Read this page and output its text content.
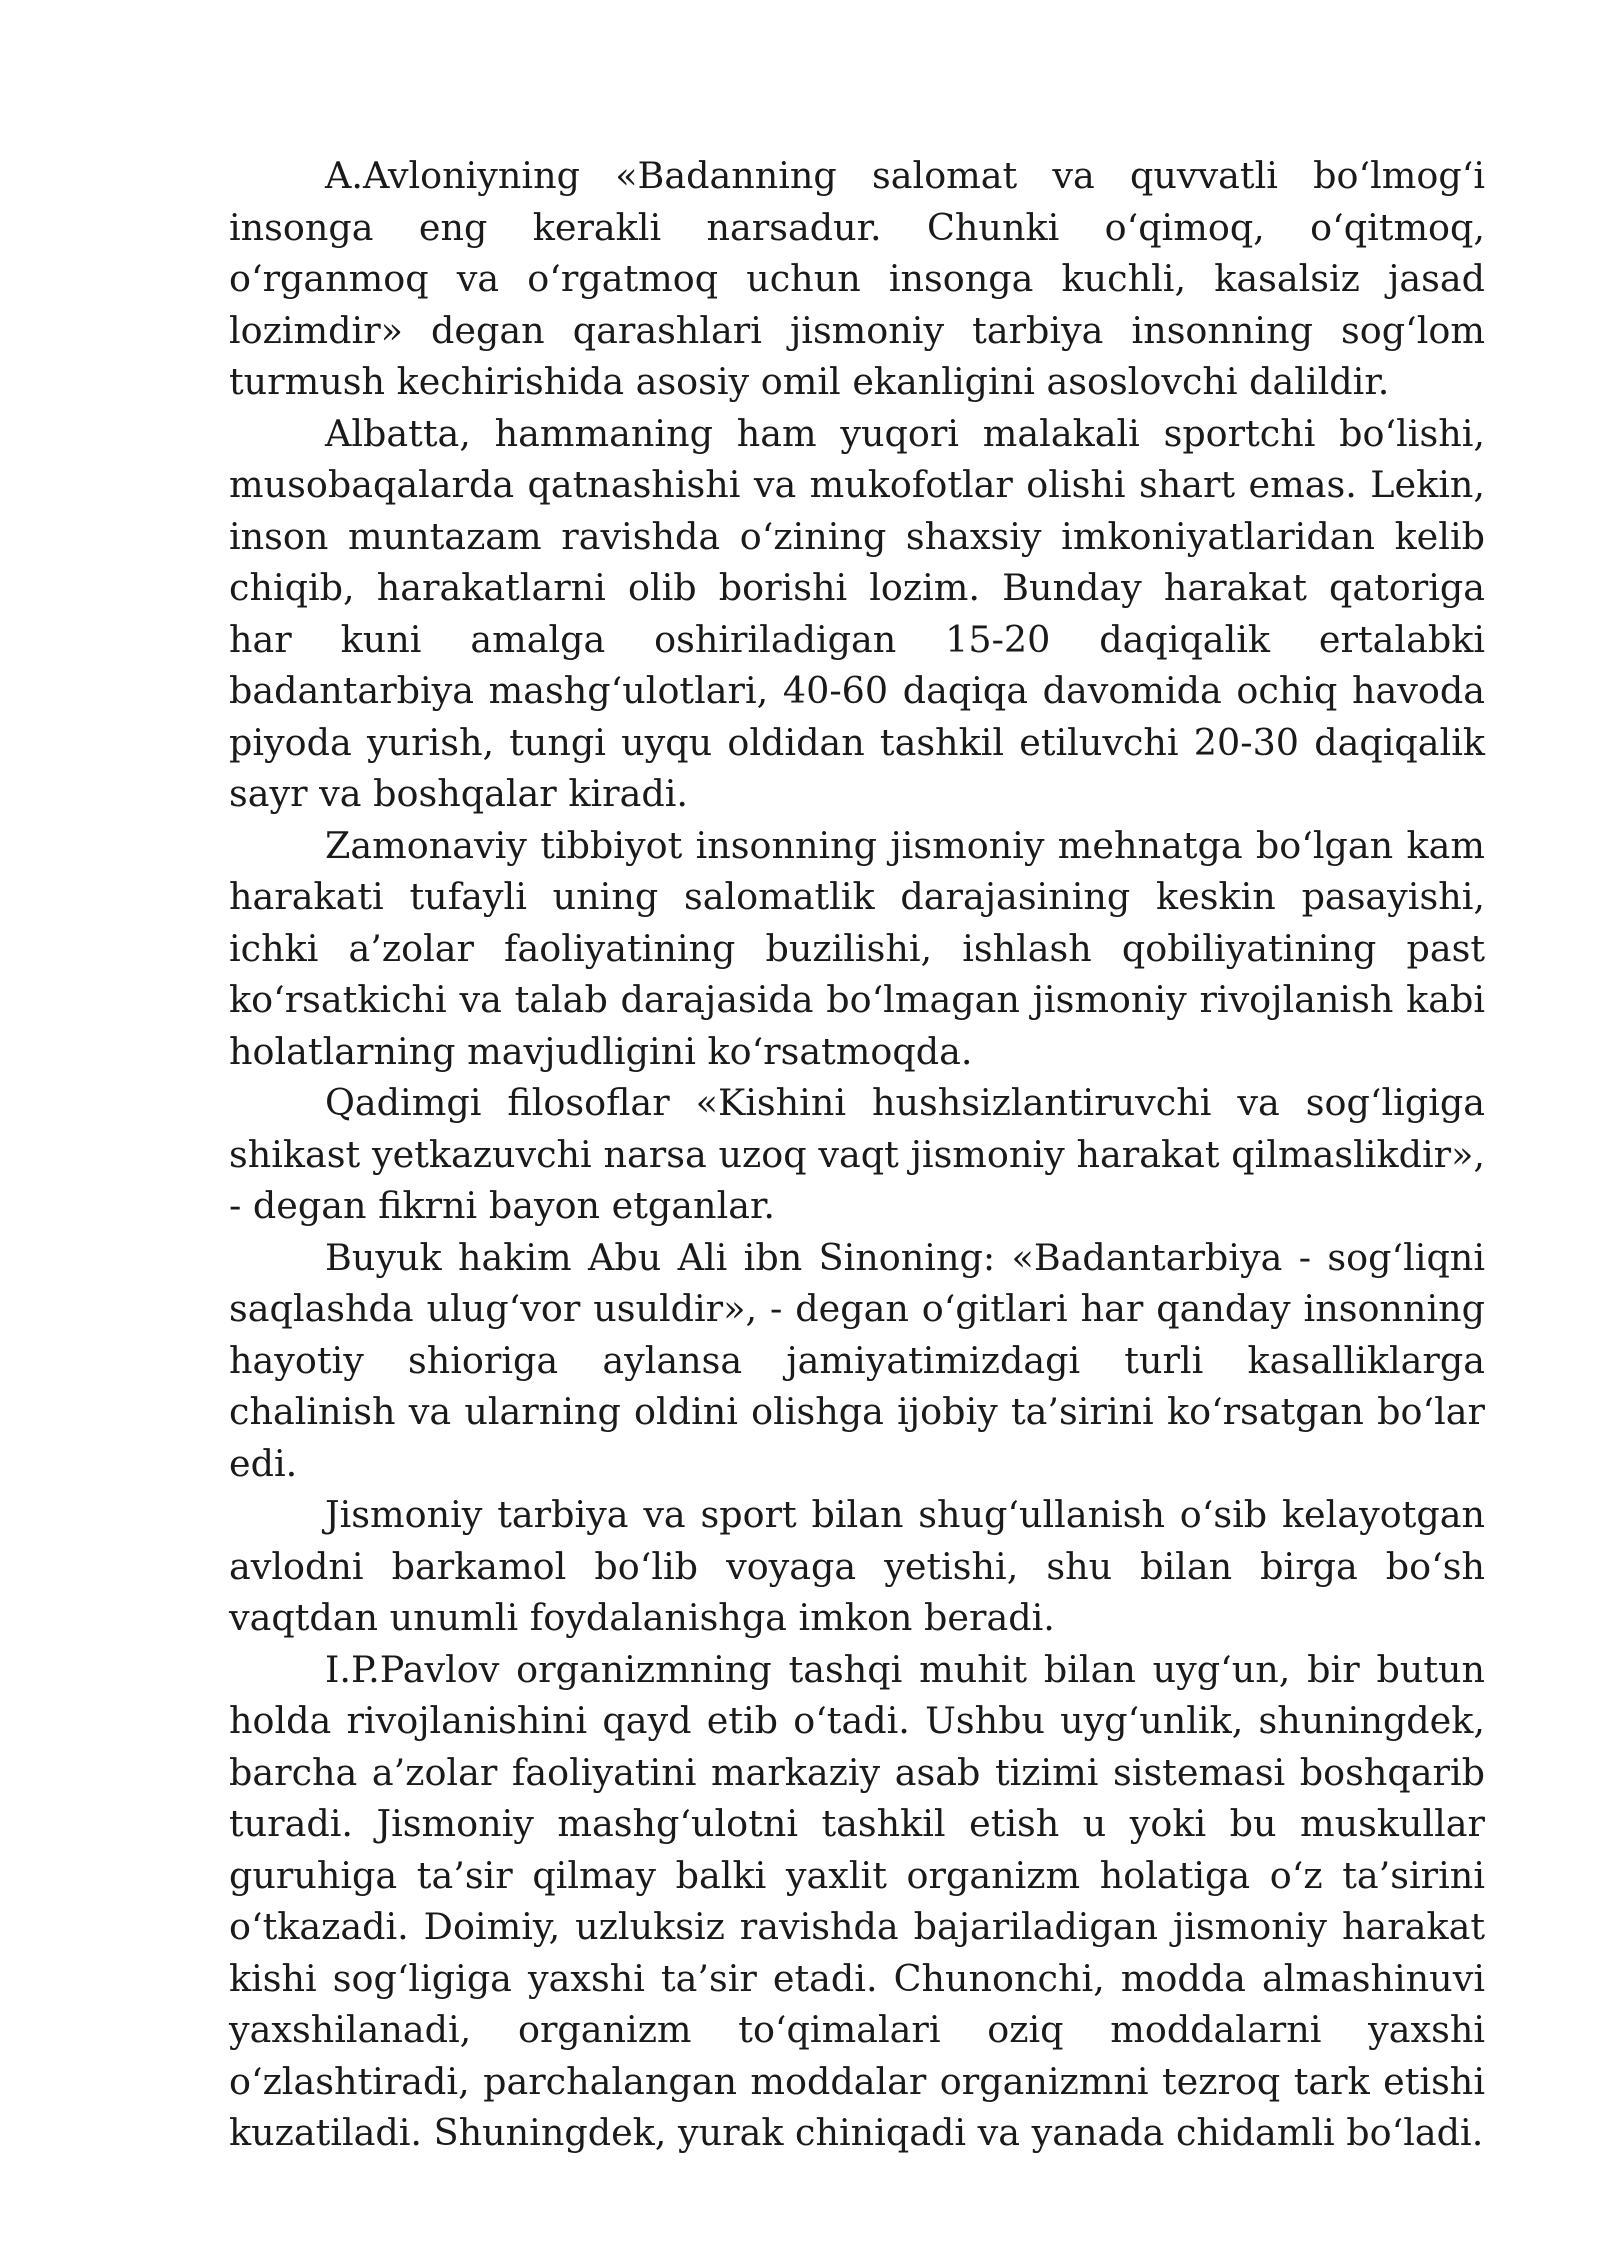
A.Avloniyning «Badanning salomat va quvvatli boʻlmogʻi insonga eng kerakli narsadur. Chunki oʻqimoq, oʻqitmoq, oʻrganmoq va oʻrgatmoq uchun insonga kuchli, kasalsiz jasad lozimdir» degan qarashlari jismoniy tarbiya insonning sogʻlom turmush kechirishida asosiy omil ekanligini asoslovchi dalildir.

Albatta, hammaning ham yuqori malakali sportchi boʻlishi, musobaqalarda qatnashishi va mukofotlar olishi shart emas. Lekin, inson muntazam ravishda oʻzining shaxsiy imkoniyatlaridan kelib chiqib, harakatlarni olib borishi lozim. Bunday harakat qatoriga har kuni amalga oshiriladigan 15-20 daqiqalik ertalabki badantarbiya mashgʻulotlari, 40-60 daqiqa davomida ochiq havoda piyoda yurish, tungi uyqu oldidan tashkil etiluvchi 20-30 daqiqalik sayr va boshqalar kiradi.

Zamonaviy tibbiyot insonning jismoniy mehnatga boʻlgan kam harakati tufayli uning salomatlik darajasining keskin pasayishi, ichki a’zolar faoliyatining buzilishi, ishlash qobiliyatining past koʻrsatkichi va talab darajasida boʻlmagan jismoniy rivojlanish kabi holatlarning mavjudligini koʻrsatmoqda.

Qadimgi filosoflar «Kishini hushsizlantiruvchi va sogʻligiga shikast yetkazuvchi narsa uzoq vaqt jismoniy harakat qilmaslikdir», - degan fikrni bayon etganlar.

Buyuk hakim Abu Ali ibn Sinoning: «Badantarbiya - sogʻliqni saqlashda ulugʻvor usuldir», - degan oʻgitlari har qanday insonning hayotiy shioriga aylansa jamiyatimizdagi turli kasalliklarga chalinish va ularning oldini olishga ijobiy ta’sirini koʻrsatgan boʻlar edi.

Jismoniy tarbiya va sport bilan shugʻullanish oʻsib kelayotgan avlodni barkamol boʻlib voyaga yetishi, shu bilan birga boʻsh vaqtdan unumli foydalanishga imkon beradi.

I.P.Pavlov organizmning tashqi muhit bilan uygʻun, bir butun holda rivojlanishini qayd etib oʻtadi. Ushbu uygʻunlik, shuningdek, barcha a’zolar faoliyatini markaziy asab tizimi sistemasi boshqarib turadi. Jismoniy mashgʻulotni tashkil etish u yoki bu muskullar guruhiga ta’sir qilmay balki yaxlit organizm holatiga oʻz ta’sirini oʻtkazadi. Doimiy, uzluksiz ravishda bajariladigan jismoniy harakat kishi sogʻligiga yaxshi ta’sir etadi. Chunonchi, modda almashinuvi yaxshilanadi, organizm toʻqimalari oziq moddalarni yaxshi oʻzlashtiradi, parchalangan moddalar organizmni tezroq tark etishi kuzatiladi. Shuningdek, yurak chiniqadi va yanada chidamli boʻladi.
